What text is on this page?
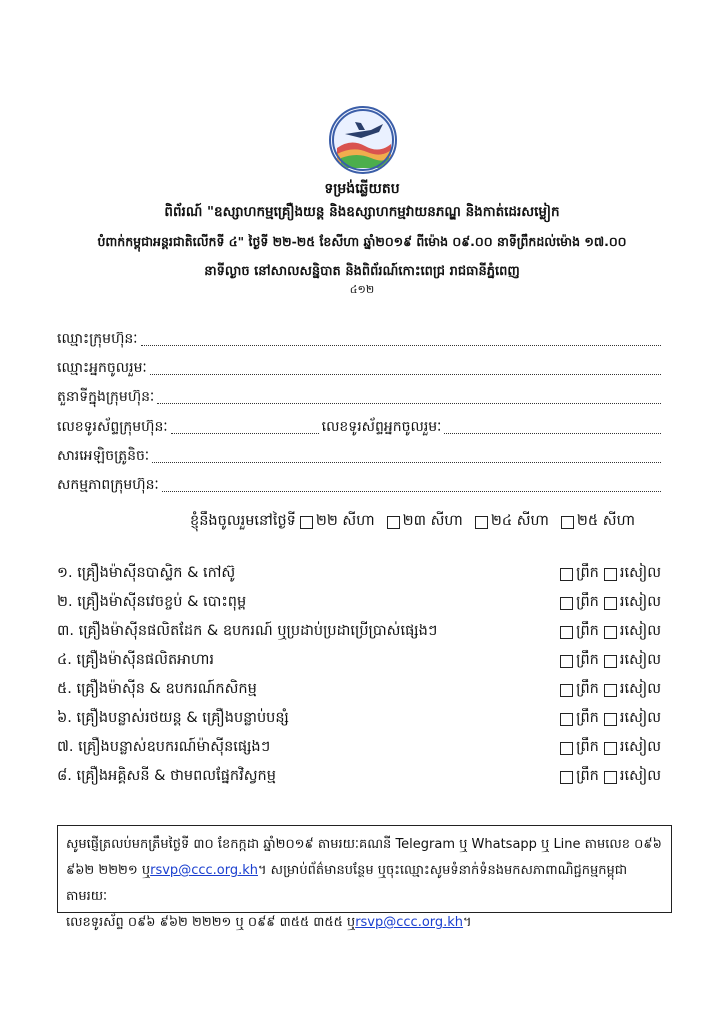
ទម្រង់ឆ្លើយតប
ពិព័រណ៍ "ឧស្សាហកម្មគ្រឿងយន្ត និងឧស្សាហកម្មវាយនភណ្ឌ និងកាត់ដេរសម្លៀក
បំពាក់កម្ពុជាអន្តរជាតិលើកទី ៤" ថ្ងៃទី ២២-២៥ ខែសីហា ឆ្នាំ២០១៩ ពីម៉ោង ០៩.០០ នាទីព្រឹកដល់ម៉ោង ១៧.០០
នាទីល្ងាច នៅសាលសន្និបាត និងពិព័រណ៍កោះពេជ្រ រាជធានីភ្នំពេញ
៤១២
ឈ្មោះក្រុមហ៊ុនៈ
ឈ្មោះអ្នកចូលរួមៈ
តួនាទីក្នុងក្រុមហ៊ុនៈ
លេខទូរស័ព្ទក្រុមហ៊ុនៈ	លេខទូរស័ព្ទអ្នកចូលរួមៈ
សារអេឡិចត្រូនិចៈ
សកម្មភាពក្រុមហ៊ុនៈ
ខ្ញុំនឹងចូលរួមនៅថ្ងៃទី ២២ សីហា ២៣ សីហា ២៤ សីហា ២៥ សីហា
១. គ្រឿងម៉ាស៊ីនបាស្ទិក & កៅស៊ូ	ព្រឹក រសៀល
២. គ្រឿងម៉ាស៊ីនវេចខ្ចប់ & បោះពុម្ព	ព្រឹក រសៀល
៣. គ្រឿងម៉ាស៊ីនផលិតដែក & ឧបករណ៍ ឬប្រដាប់ប្រដាប្រើប្រាស់ផ្សេងៗ	ព្រឹក រសៀល
៤. គ្រឿងម៉ាស៊ីនផលិតអាហារ	ព្រឹក រសៀល
៥. គ្រឿងម៉ាស៊ីន & ឧបករណ៍កសិកម្ម	ព្រឹក រសៀល
៦. គ្រឿងបន្លាស់រថយន្ត & គ្រឿងបន្លាប់បន្សំ	ព្រឹក រសៀល
៧. គ្រឿងបន្លាស់ឧបករណ៍ម៉ាស៊ីនផ្សេងៗ	ព្រឹក រសៀល
៨. គ្រឿងអគ្គិសនី & ថាមពលផ្នែកវិស្វកម្ម	ព្រឹក រសៀល
សូមផ្ញើត្រលប់មកត្រឹមថ្ងៃទី ៣០ ខែកក្កដា ឆ្នាំ២០១៩ តាមរយៈគណនី Telegram ឬ Whatsapp ឬ Line តាមលេខ ០៩៦
៩៦២ ២២២១ ឬrsvp@ccc.org.kh។ សម្រាប់ព័ត៌មានបន្ថែម ឬចុះឈ្មោះសូមទំនាក់ទំនងមកសភាពាណិជ្ជកម្មកម្ពុជាតាមរយៈ
លេខទូរស័ព្ទ ០៩៦ ៩៦២ ២២២១ ឬ ០៩៩ ៣៥៥ ៣៥៥ ឬrsvp@ccc.org.kh។
